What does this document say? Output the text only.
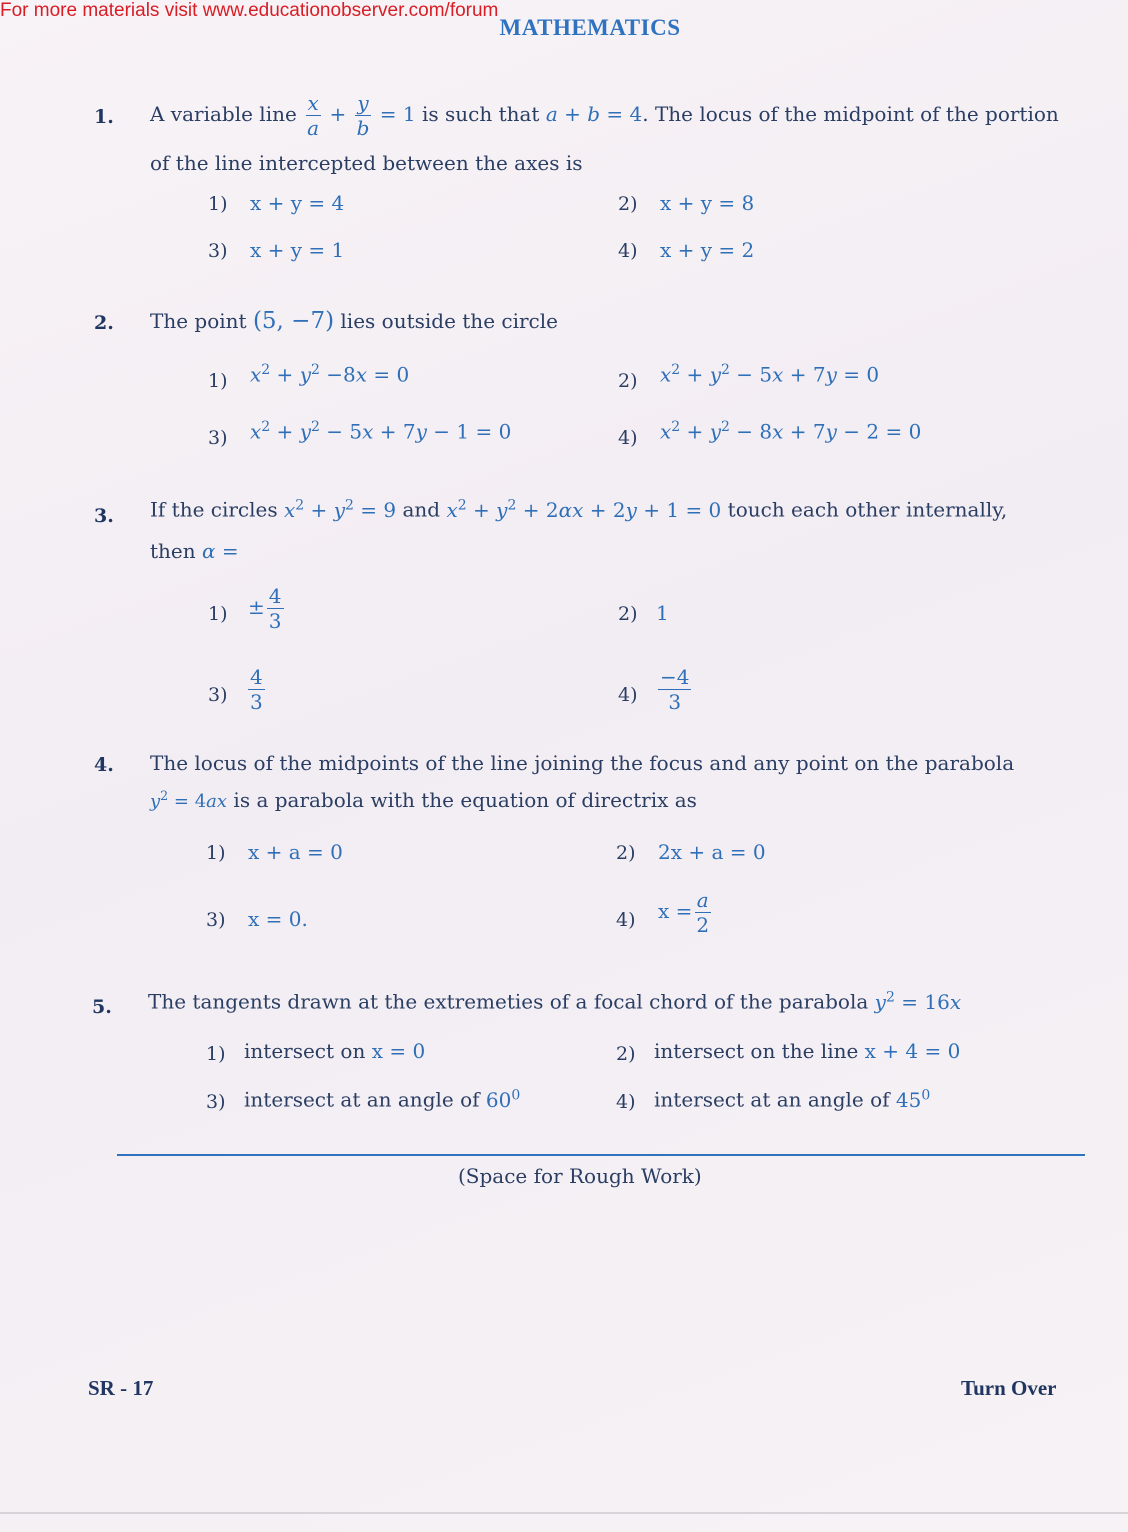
For more materials visit www.educationobserver.com/forum
MATHEMATICS
1. A variable line $\frac{x}{a} + \frac{y}{b} = 1$ is such that a + b = 4. The locus of the midpoint of the portion
of the line intercepted between the axes is
1) x + y = 4	2) x + y = 8
3) x + y = 1	4) x + y = 2
2. The point (5, −7) lies outside the circle
1) $x^2 + y^2 -8x = 0$	2) $x^2 + y^2 - 5x + 7y = 0$
3) $x^2 + y^2 - 5x + 7y - 1 = 0$	4) $x^2 + y^2 - 8x + 7y - 2 = 0$
3. If the circles $x^2 + y^2 = 9$ and $x^2 + y^2 + 2\alpha x + 2y + 1 = 0$ touch each other internally,
then α =
$1) \pm \frac{4}{3}$	2) 1
$3) \frac{4}{3}$	$4) \frac{-4}{3}$
4. The locus of the midpoints of the line joining the focus and any point on the parabola
$y^2 = 4ax$ is a parabola with the equation of directrix as
1) x + a = 0	2) 2x + a = 0
3) x = 0.	4) $x = \frac{a}{2}$
5. The tangents drawn at the extremeties of a focal chord of the parabola $y^2 = 16x$
1) intersect on x = 0	2) intersect on the line x + 4 = 0
3) intersect at an angle of $60^0$	4) intersect at an angle of $45^0$
(Space for Rough Work)
SR - 17	Turn Over
